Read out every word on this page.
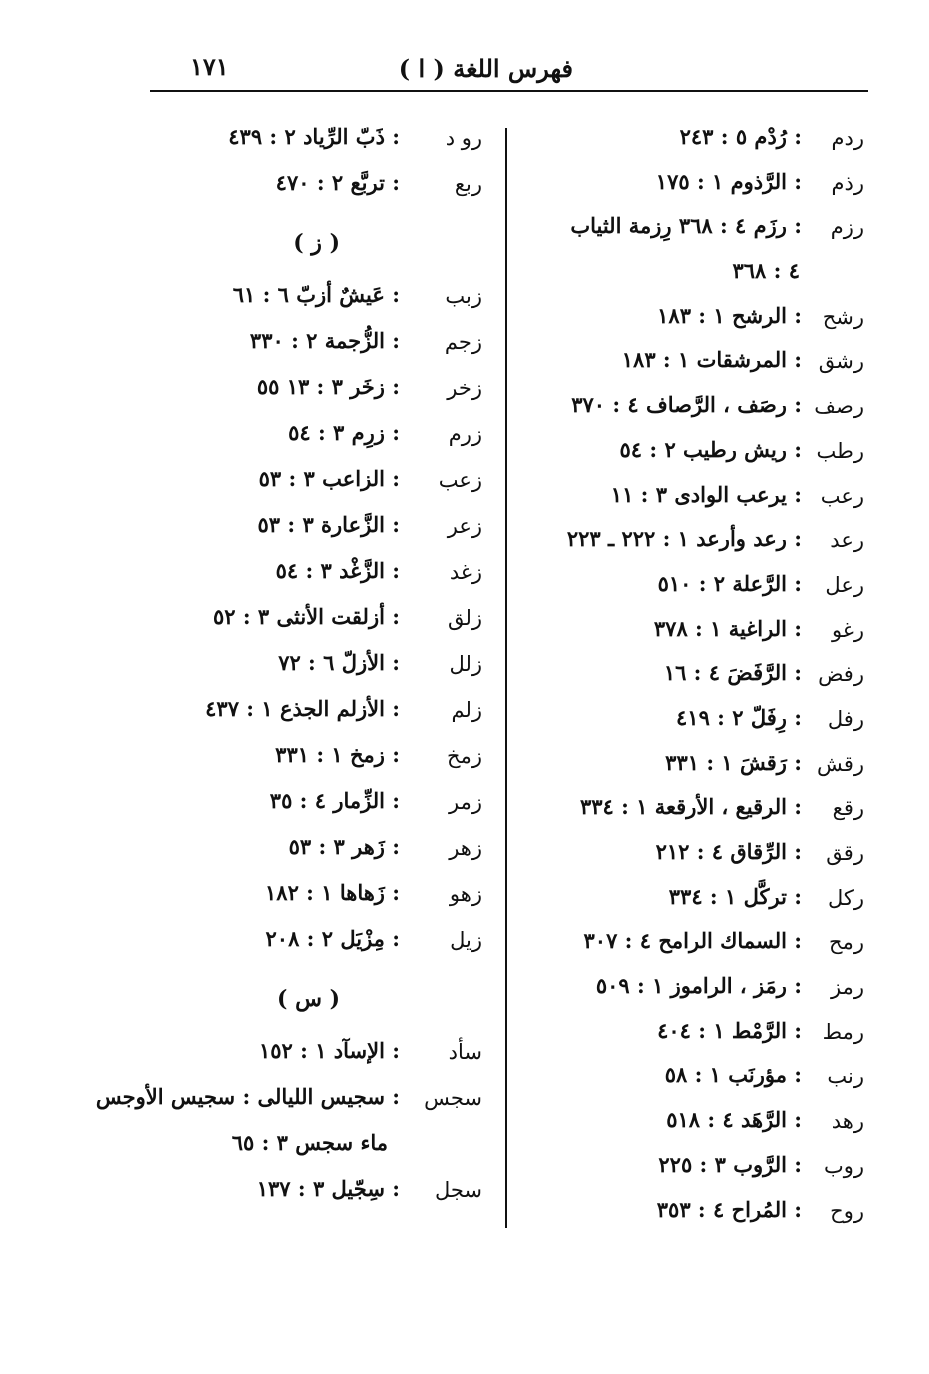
فهرس اللغة ( ا )
١٧١
ردم
: رُدْم ٥ : ٢٤٣
رذم
: الرَّذوم ١ : ١٧٥
رزم
: رزَم ٤ : ٣٦٨ رِزمة الثياب
٤ : ٣٦٨
رشح
: الرشح ١ : ١٨٣
رشق
: المرشقات ١ : ١٨٣
رصف
: رصَف ، الرَّصاف ٤ : ٣٧٠
رطب
: ريش رطيب ٢ : ٥٤
رعب
: يرعب الوادى ٣ : ١١
رعد
: رعد وأرعد ١ : ٢٢٢ ـ ٢٢٣
رعل
: الرَّعلة ٢ : ٥١٠
رغو
: الراغية ١ : ٣٧٨
رفض
: الرَّفَضَ ٤ : ١٦
رفل
: رِفَلّ ٢ : ٤١٩
رقش
: رَقشَ ١ : ٣٣١
رقع
: الرقيع ، الأرقعة ١ : ٣٣٤
رقق
: الرِّقاق ٤ : ٢١٢
ركل
: تركَّل ١ : ٣٣٤
رمح
: السماك الرامح ٤ : ٣٠٧
رمز
: رمَز ، الراموز ١ : ٥٠٩
رمط
: الرَّمْط ١ : ٤٠٤
رنب
: مؤرنَب ١ : ٥٨
رهد
: الرَّهَد ٤ : ٥١٨
روب
: الرَّوب ٣ : ٢٢٥
روح
: المُراح ٤ : ٣٥٣
رو د
: ذَبّ الرِّياد ٢ : ٤٣٩
ربع
: تربَّع ٢ : ٤٧٠
( ز )
زبب
: عَيشٌ أزبّ ٦ : ٦١
زجم
: الزُّجمة ٢ : ٣٣٠
زخر
: زخَر ٣ : ١٣ ٥٥
زرم
: زرِم ٣ : ٥٤
زعب
: الزاعب ٣ : ٥٣
زعر
: الزَّعارة ٣ : ٥٣
زغد
: الزَّغْد ٣ : ٥٤
زلق
: أزلقت الأنثى ٣ : ٥٢
زلل
: الأزلّ ٦ : ٧٢
زلم
: الأزلم الجذع ١ : ٤٣٧
زمخ
: زمخ ١ : ٣٣١
زمر
: الزِّمار ٤ : ٣٥
زهر
: زَهر ٣ : ٥٣
زهو
: زَهاها ١ : ١٨٢
زيل
: مِزْيَل ٢ : ٢٠٨
( س )
سأد
: الإسآد ١ : ١٥٢
سجس
: سجيس الليالى : سجيس الأوجس
ماء سجس ٣ : ٦٥
سجل
: سِجّيل ٣ : ١٣٧
